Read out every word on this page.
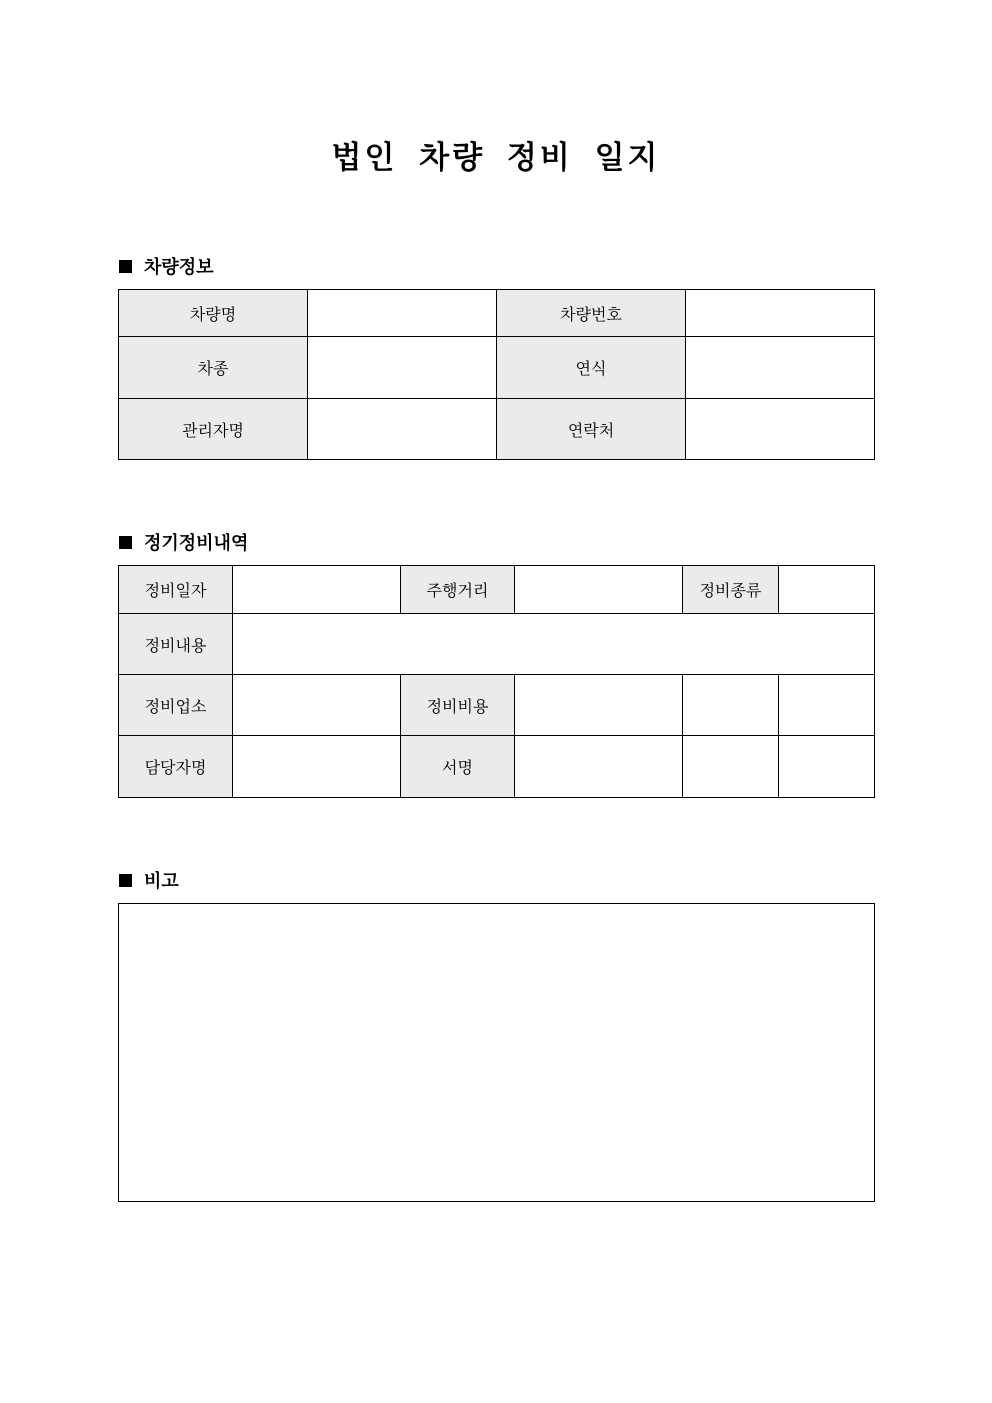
법인 차량 정비 일지
차량정보
차량명		차량번호	
차종		연식	
관리자명		연락처	
정기정비내역
정비일자		주행거리		정비종류	
정비내용					
정비업소		정비비용			
담당자명		서명			
비고
